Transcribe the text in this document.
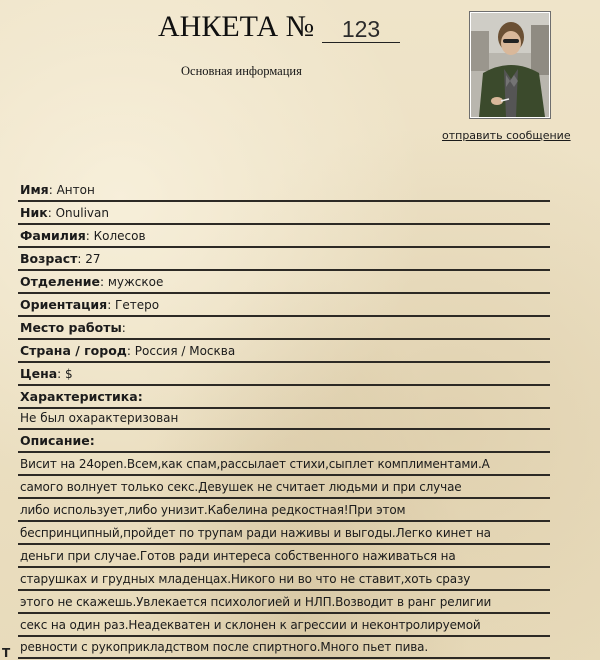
АНКЕТА №	123
Основная информация
отправить сообщение
Имя: Антон
Ник: Onulivan
Фамилия: Колесов
Возраст: 27
Отделение: мужское
Ориентация: Гетеро
Место работы:
Страна / город: Россия / Москва
Цена: $
Характеристика:
Не был охарактеризован
Описание:
Висит на 24open.Всем,как спам,рассылает стихи,сыплет комплиментами.А
самого волнует только секс.Девушек не считает людьми и при случае
либо использует,либо унизит.Кабелина редкостная!При этом
беспринципный,пройдет по трупам ради наживы и выгоды.Легко кинет на
деньги при случае.Готов ради интереса собственного наживаться на
старушках и грудных младенцах.Никого ни во что не ставит,хоть сразу
этого не скажешь.Увлекается психологией и НЛП.Возводит в ранг религии
секс на один раз.Неадекватен и склонен к агрессии и неконтролируемой
ревности с рукоприкладством после спиртного.Много пьет пива.
Т
